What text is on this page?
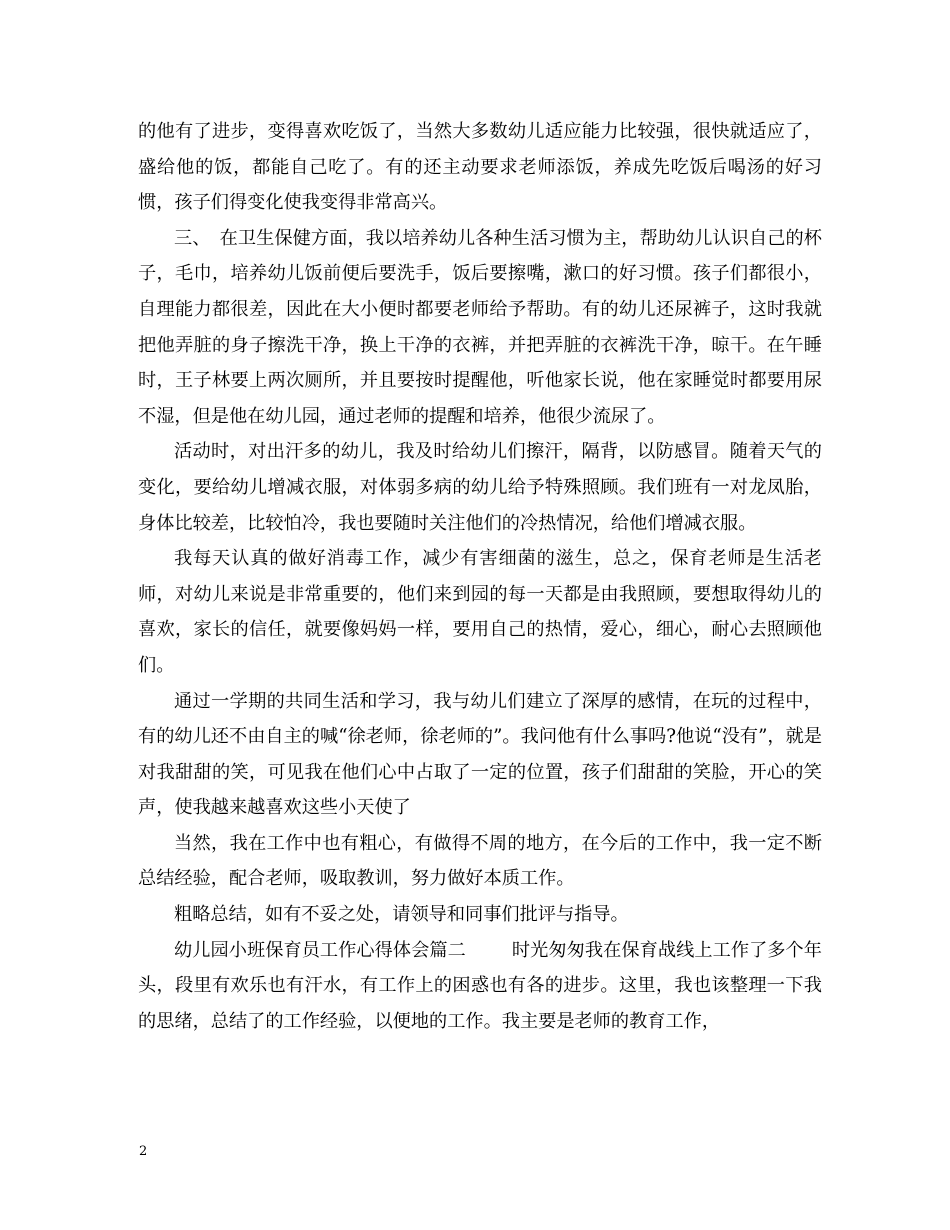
的他有了进步，变得喜欢吃饭了，当然大多数幼儿适应能力比较强，很快就适应了，盛给他的饭，都能自己吃了。有的还主动要求老师添饭，养成先吃饭后喝汤的好习惯，孩子们得变化使我变得非常高兴。

三、　在卫生保健方面，我以培养幼儿各种生活习惯为主，帮助幼儿认识自己的杯子，毛巾，培养幼儿饭前便后要洗手，饭后要擦嘴，漱口的好习惯。孩子们都很小，自理能力都很差，因此在大小便时都要老师给予帮助。有的幼儿还尿裤子，这时我就把他弄脏的身子擦洗干净，换上干净的衣裤，并把弄脏的衣裤洗干净，晾干。在午睡时，王子林要上两次厕所，并且要按时提醒他，听他家长说，他在家睡觉时都要用尿不湿，但是他在幼儿园，通过老师的提醒和培养，他很少流尿了。

活动时，对出汗多的幼儿，我及时给幼儿们擦汗，隔背，以防感冒。随着天气的变化，要给幼儿增减衣服，对体弱多病的幼儿给予特殊照顾。我们班有一对龙凤胎，身体比较差，比较怕冷，我也要随时关注他们的冷热情况，给他们增减衣服。

我每天认真的做好消毒工作，减少有害细菌的滋生，总之，保育老师是生活老师，对幼儿来说是非常重要的，他们来到园的每一天都是由我照顾，要想取得幼儿的喜欢，家长的信任，就要像妈妈一样，要用自己的热情，爱心，细心，耐心去照顾他们。

通过一学期的共同生活和学习，我与幼儿们建立了深厚的感情，在玩的过程中，有的幼儿还不由自主的喊“徐老师，徐老师的”。我问他有什么事吗?他说“没有”，就是对我甜甜的笑，可见我在他们心中占取了一定的位置，孩子们甜甜的笑脸，开心的笑声，使我越来越喜欢这些小天使了

当然，我在工作中也有粗心，有做得不周的地方，在今后的工作中，我一定不断总结经验，配合老师，吸取教训，努力做好本质工作。

粗略总结，如有不妥之处，请领导和同事们批评与指导。

幼儿园小班保育员工作心得体会篇二	时光匆匆我在保育战线上工作了多个年头，段里有欢乐也有汗水，有工作上的困惑也有各的进步。这里，我也该整理一下我的思绪，总结了的工作经验，以便地的工作。我主要是老师的教育工作，

2
